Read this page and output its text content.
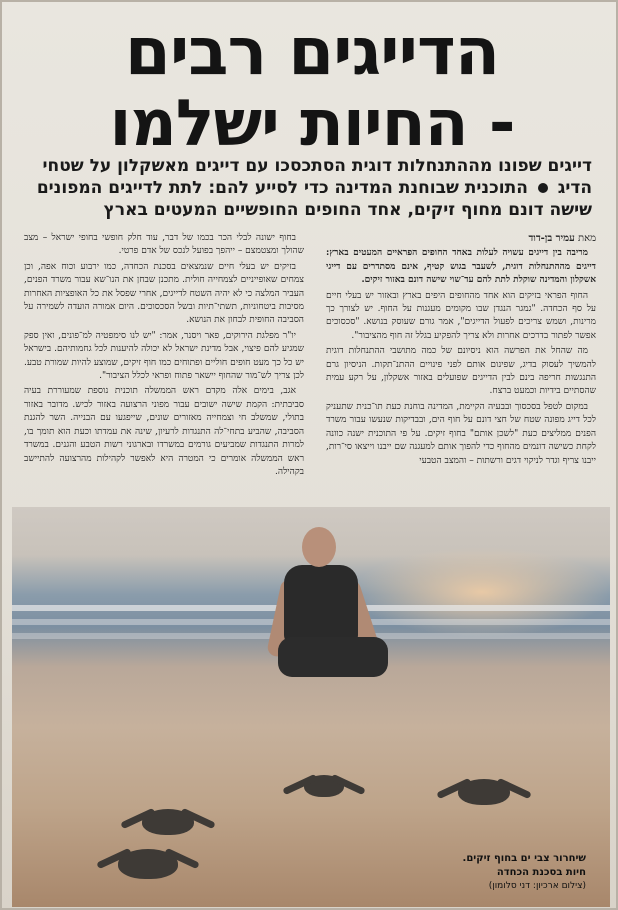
הדייגים רבים
- החיות ישלמו
דייגים שפונו מההתנחלות דוגית הסתכסכו עם דייגים מאשקלון על שטחי הדיג  התוכנית שבוחנת המדינה כדי לסייע להם: לתת לדייגים המפונים שישה דונם מחוף זיקים, אחד החופים החופשיים המעטים בארץ
מאת עמיר בן-דוד

מריבה בין דייגים עשויה לעלות באחד החופים הפראיים המעטים בארץ: דייגים מההתנחלות דוגית, לשעבר בגוש קטיף, אינם מסתדרים עם דייגי אשקלון והמדינה שוקלת לתת להם עד־שוי שישה דונם באזור זיקים.

החוף הפראי בזיקים הוא אחד מהחופים היפים בארץ ובאזור יש בעלי חיים על סף הכחדה. "גמגר הנגדן שבו מקומים מעגנות על החוף. יש לצורך כך מרינות, ושמש צריכים לפעול הדייגים", אמר גורם שעוסק בנושא. "סכסוכים אפשר לפתור בדרכים אחרות ולא צריך להפקיע בגלל זה חוף מהציבור".

מה שהחל את הפרשה הוא ניסיונם של כמה מתושבי ההתנחלות דוגית להמשיך לעסוק בדיג, שפינום אותם לפני פינויים ההתנ־תקות. הניסיון גרם התנגשות חריפה בינם לבין הדייגים שפועלים באזור אשקלון, על רקע עמית שהסתיים בידיות וכמעט ברצח.

במקום לטפל בסכסוך ובבעיה הקיימת, המדינה בוחנת כעת תו־כנית שתעניק לכל דייג מפונה שטח של חצי דונם על חוף הים, ובבדיקות שנעשו עבור משרד הפנים ממליצים כעת "לשכן אותם" בחוף זיקים. על פי התוכנית ישנה כוונה לקחת כשישה דונמים מהחוף כדי להפוך אותם למעגנה שם ייבנו וייצאו סי־רות, ייבנו צריף וגדר לניקוי דגים ורשתות – והמצב הטבעי

בחוף ישונה לבלי הכר בכמו של דבר, עוד חלק חופשי בחופי ישראל – מצב שהולך ומצטמצם – ייהפך בפועל לנכס של אדם פרטי.

בזיקים יש בעלי חיים שנמצאים בסכנת הכחדה, כמו ירבוע וכוח אפה, וכן צמחים שאופייניים לצמחייה חולית. מתכנן שבחן את הנו־שא עבור משרד הפנים, העביר המלצה כי לא יהיה השטח לדייגים, אחרי שפסל את כל האופציות האחרות מסיבות ביטחוניות, תשתי־תיות ובשל הסכסוכים. היום אמורה הועדה לשמירה על הסביבה החופית לבחון את הנושא.

יו"ר מפלגת הירוקים, פאר ויסנר, אמר: "יש לנו סימפטיה למ־פונים, ואין ספק שמגיע להם פיצוי, אבל מדינת ישראל לא יכולה להיענות לכל גחמותיהם. בישראל יש כל כך מעט חופים חוליים ופתוחים כמו חוף זיקים, שמוצע להיות שמורת טבע. לכן צריך לש־מור שהחוף יישאר פתוח ופראי לכלל הציבור".

אגב, בימים אלה מקדם ראש הממשלה תוכנית נוספת שמעוררת בעיה סביבתית: הקמת שישה ישובים עבור מפוני הרצועה באזור לכיש. מדובר באזור בתולי, שמשלב חי וצמחייה מאזורים שונים, שייפגעו עם הבנייה. השר להגנת הסביבה, שהביע בתחי־לה התנגדות לרעיון, שינה את עמדתו וכעת הוא תומך בו, למרות התנגדות שמביעים גורמים במשרדו ובארגוני רשות הטבע והגנים. במשרד ראש הממשלה אומרים כי המטרה היא לאפשר לקהילות מהרצועה להתיישב בקהילה.

שיחרור צבי ים בחוף זיקים.
חיות בסכנת הכחדה
(צילום ארכיון: דני סלומון)
